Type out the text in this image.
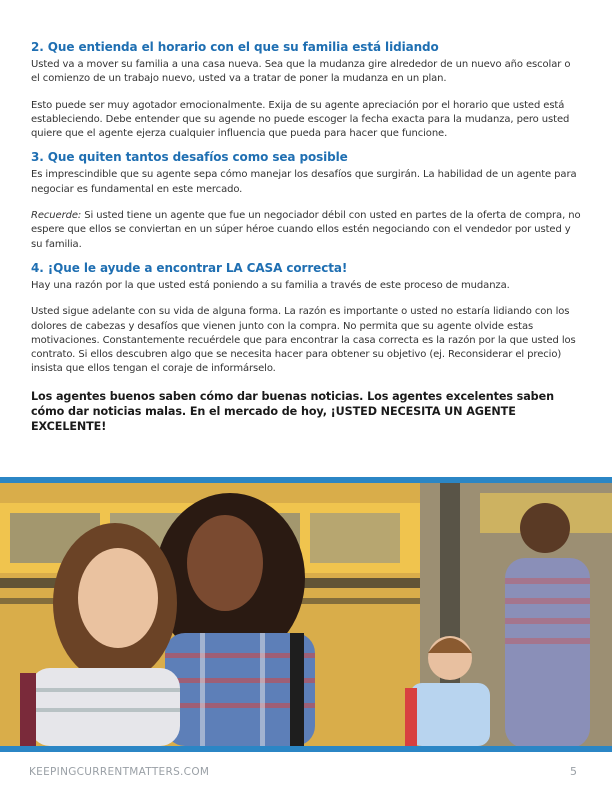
2. Que entienda el horario con el que su familia está lidiando

Usted va a mover su familia a una casa nueva. Sea que la mudanza gire alrededor de un nuevo año escolar o el comienzo de un trabajo nuevo, usted va a tratar de poner la mudanza en un plan.

Esto puede ser muy agotador emocionalmente. Exija de su agente apreciación por el horario que usted está estableciendo. Debe entender que su agende no puede escoger la fecha exacta para la mudanza, pero usted quiere que el agente ejerza cualquier influencia que pueda para hacer que funcione.

3. Que quiten tantos desafíos como sea posible

Es imprescindible que su agente sepa cómo manejar los desafíos que surgirán. La habilidad de un agente para negociar es fundamental en este mercado.

Recuerde: Si usted tiene un agente que fue un negociador débil con usted en partes de la oferta de compra, no espere que ellos se conviertan en un súper héroe cuando ellos estén negociando con el vendedor por usted y su familia.

4. ¡Que le ayude a encontrar LA CASA correcta!

Hay una razón por la que usted está poniendo a su familia a través de este proceso de mudanza.

Usted sigue adelante con su vida de alguna forma. La razón es importante o usted no estaría lidiando con los dolores de cabezas y desafíos que vienen junto con la compra. No permita que su agente olvide estas motivaciones. Constantemente recuérdele que para encontrar la casa correcta es la razón por la que usted los contrato. Si ellos descubren algo que se necesita hacer para obtener su objetivo (ej. Reconsiderar el precio) insista que ellos tengan el coraje de informárselo.

Los agentes buenos saben cómo dar buenas noticias. Los agentes excelentes saben cómo dar noticias malas. En el mercado de hoy, ¡USTED NECESITA UN AGENTE EXCELENTE!

KEEPINGCURRENTMATTERS.COM	5
